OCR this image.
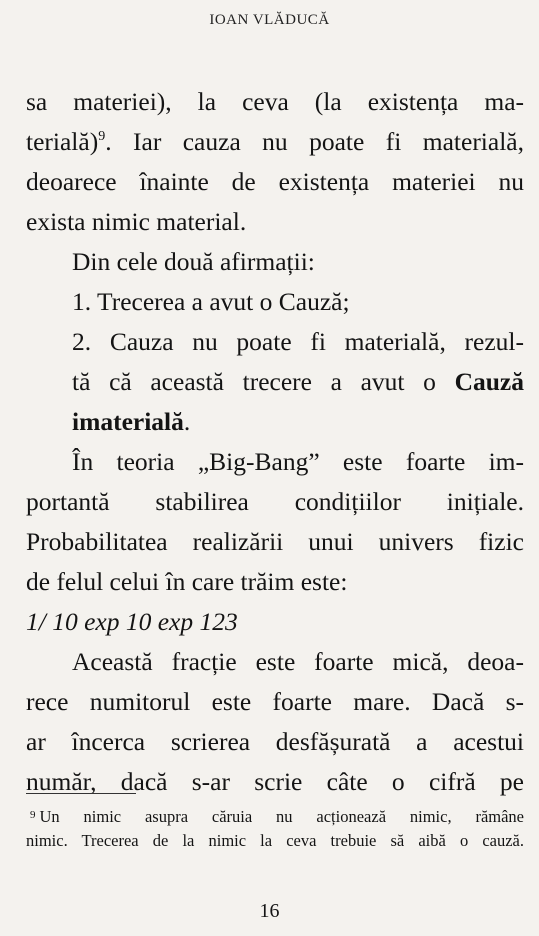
IOAN VLĂDUCĂ

sa materiei), la ceva (la existența ma-
terială)$^9$. Iar cauza nu poate fi materială,
deoarece înainte de existența materiei nu
exista nimic material.

Din cele două afirmații:

1. Trecerea a avut o Cauză;

2. Cauza nu poate fi materială, rezul-
tă că această trecere a avut o Cauză
imaterială.

În teoria „Big-Bang” este foarte im-
portantă stabilirea condițiilor inițiale.
Probabilitatea realizării unui univers fizic
de felul celui în care trăim este:

1/ 10 exp 10 exp 123

Această fracție este foarte mică, deoa-
rece numitorul este foarte mare. Dacă s-
ar încerca scrierea desfășurată a acestui
număr, dacă s-ar scrie câte o cifră pe

$^9$ Un nimic asupra căruia nu acționează nimic, rămâne
nimic. Trecerea de la nimic la ceva trebuie să aibă o cauză.
16
